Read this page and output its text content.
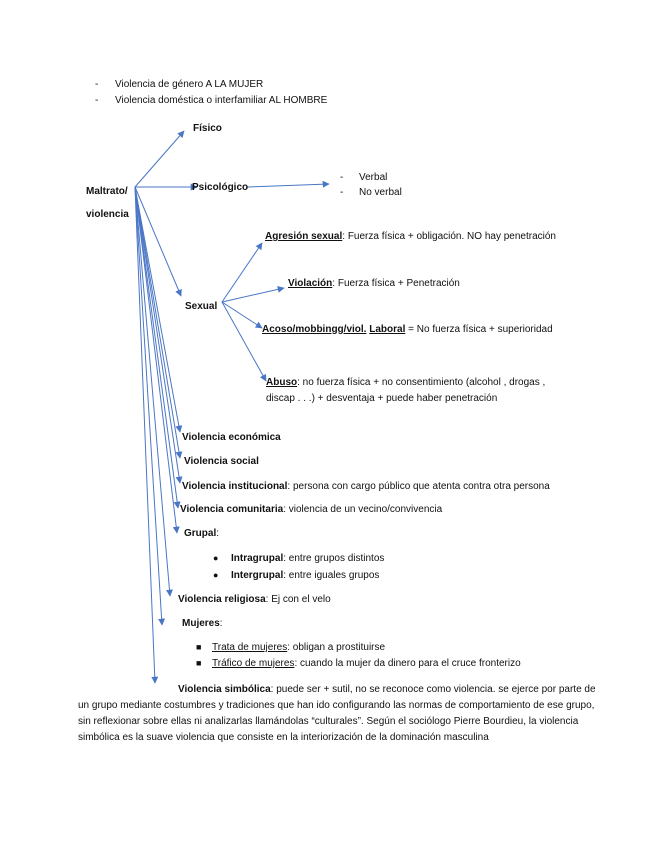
- Violencia de género A LA MUJER
- Violencia doméstica o interfamiliar AL HOMBRE
Maltrato/
violencia
Físico
Psicológico
- Verbal
- No verbal
Sexual
Agresión sexual: Fuerza física + obligación. NO hay penetración
Violación: Fuerza física + Penetración
Acoso/mobbingg/viol. Laboral = No fuerza física + superioridad
Abuso: no fuerza física + no consentimiento (alcohol , drogas ,
discap . . .) + desventaja + puede haber penetración
Violencia económica
Violencia social
Violencia institucional: persona con cargo público que atenta contra otra persona
Violencia comunitaria: violencia de un vecino/convivencia
Grupal:
● Intragrupal: entre grupos distintos
● Intergrupal: entre iguales grupos
Violencia religiosa: Ej con el velo
Mujeres:
■ Trata de mujeres: obligan a prostituirse
■ Tráfico de mujeres: cuando la mujer da dinero para el cruce fronterizo
Violencia simbólica: puede ser + sutil, no se reconoce como violencia. se ejerce por parte de un grupo mediante costumbres y tradiciones que han ido configurando las normas de comportamiento de ese grupo, sin reflexionar sobre ellas ni analizarlas llamándolas “culturales”. Según el sociólogo Pierre Bourdieu, la violencia simbólica es la suave violencia que consiste en la interiorización de la dominación masculina
